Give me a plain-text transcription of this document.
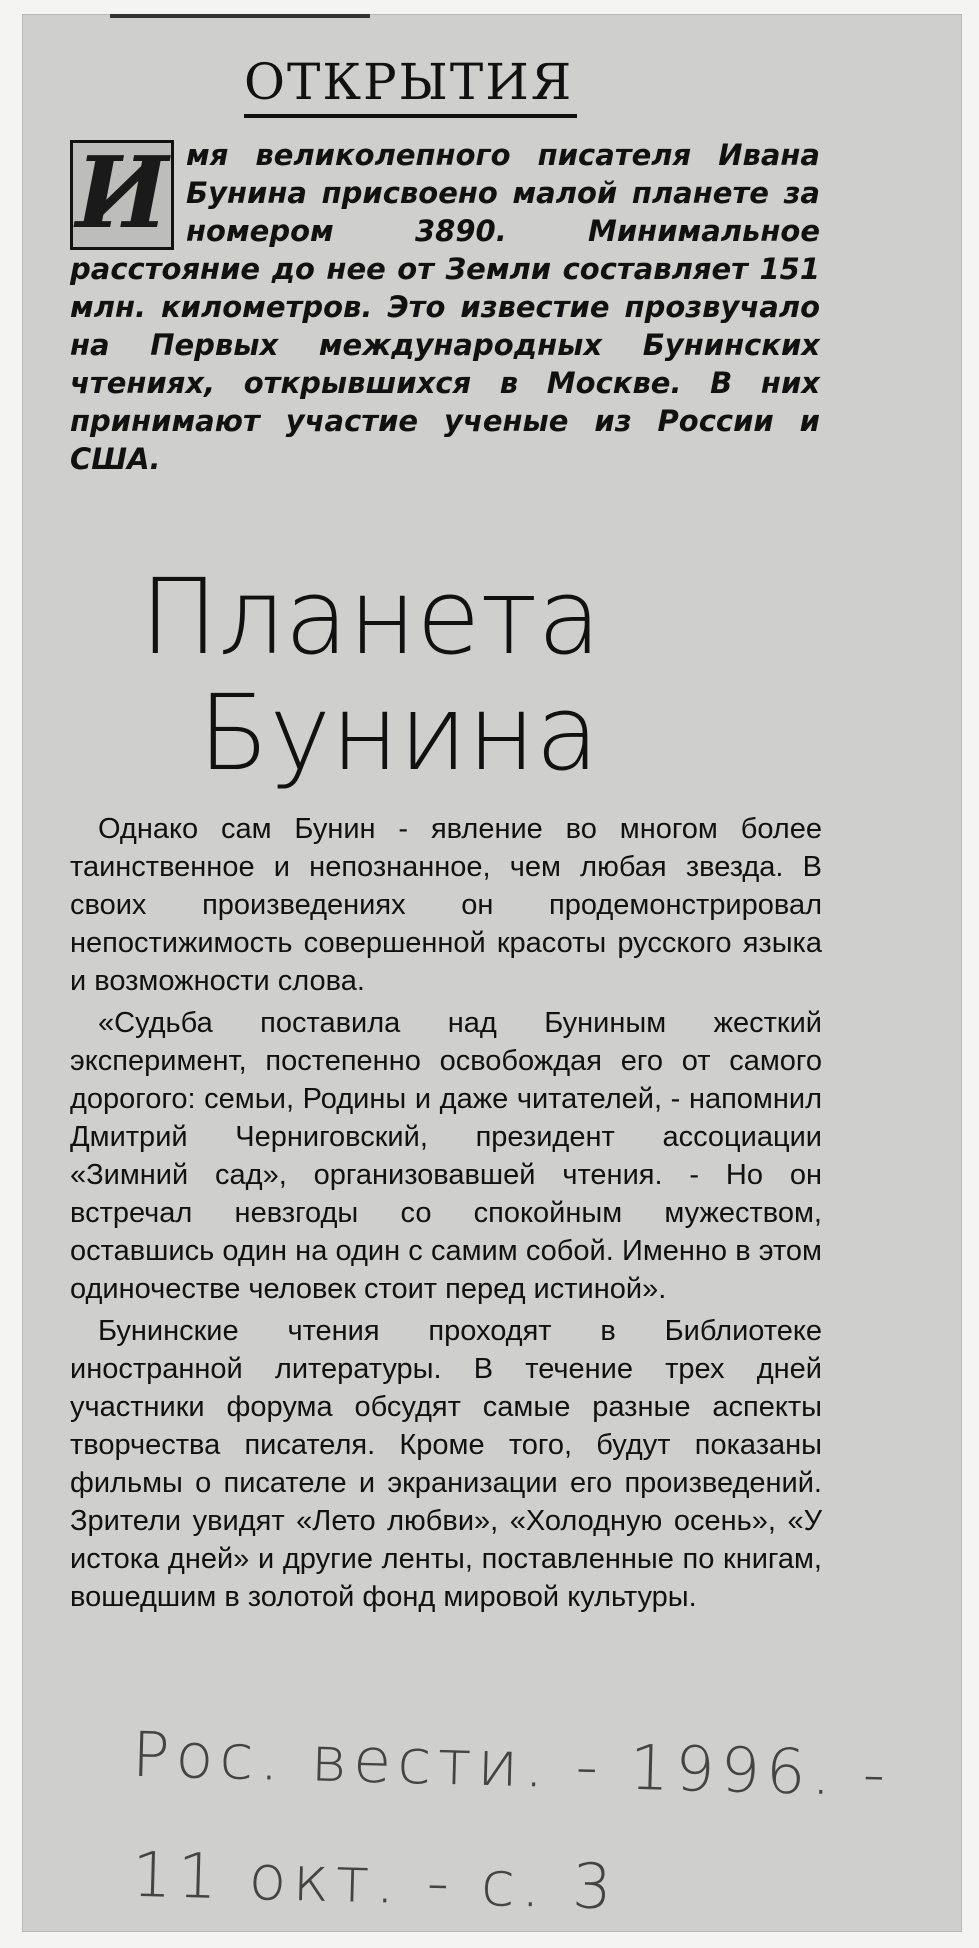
ОТКРЫТИЯ
И мя великолепного писателя Ивана Бунина присвоено малой планете за номером 3890. Минимальное расстояние до нее от Земли составляет 151 млн. километров. Это известие прозвучало на Первых международных Бунинских чтениях, открывшихся в Москве. В них принимают участие ученые из России и США.
Планета
Бунина

Однако сам Бунин - явление во многом более таинственное и непознанное, чем любая звезда. В своих произведениях он продемонстрировал непостижимость совершенной красоты русского языка и возможности слова.

«Судьба поставила над Буниным жесткий эксперимент, постепенно освобождая его от самого дорогого: семьи, Родины и даже читателей, - напомнил Дмитрий Черниговский, президент ассоциации «Зимний сад», организовавшей чтения. - Но он встречал невзгоды со спокойным мужеством, оставшись один на один с самим собой. Именно в этом одиночестве человек стоит перед истиной».

Бунинские чтения проходят в Библиотеке иностранной литературы. В течение трех дней участники форума обсудят самые разные аспекты творчества писателя. Кроме того, будут показаны фильмы о писателе и экранизации его произведений. Зрители увидят «Лето любви», «Холодную осень», «У истока дней» и другие ленты, поставленные по книгам, вошедшим в золотой фонд мировой культуры.

Рос. вести. - 1996. -
11 окт. - с. 3
